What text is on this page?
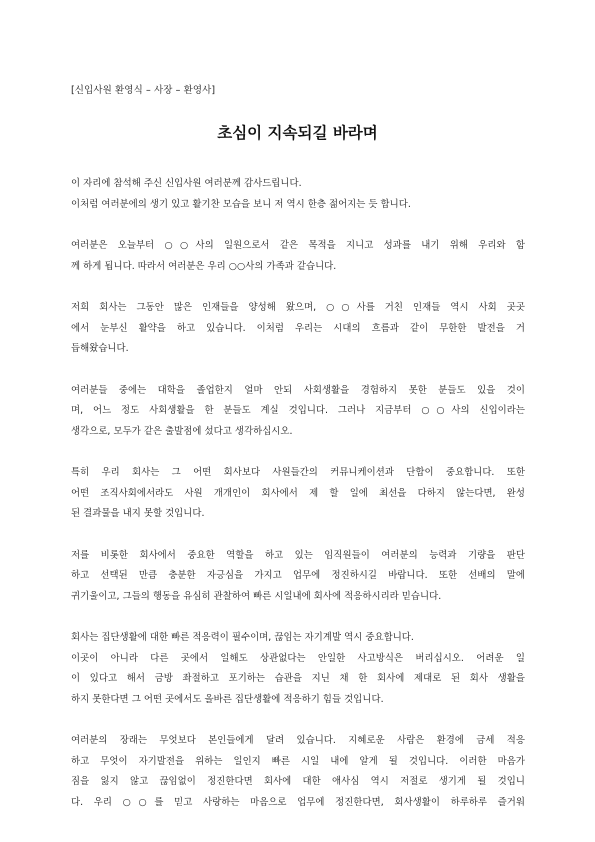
[신입사원 환영식 – 사장 – 환영사]
초심이 지속되길 바라며
이 자리에 참석해 주신 신입사원 여러분께 감사드립니다.
이처럼 여러분에의 생기 있고 활기찬 모습을 보니 저 역시 한층 젊어지는 듯 합니다.
여러분은 오늘부터 ○○사의 일원으로서 같은 목적을 지니고 성과를 내기 위해 우리와 함
께 하게 됩니다. 따라서 여러분은 우리 ○○사의 가족과 같습니다.
저희 회사는 그동안 많은 인재들을 양성해 왔으며, ○○사를 거친 인재들 역시 사회 곳곳
에서 눈부신 활약을 하고 있습니다. 이처럼 우리는 시대의 흐름과 같이 무한한 발전을 거
듭해왔습니다.
여러분들 중에는 대학을 졸업한지 얼마 안되 사회생활을 경험하지 못한 분들도 있을 것이
며, 어느 정도 사회생활을 한 분들도 계실 것입니다. 그러나 지금부터 ○○사의 신입이라는
생각으로, 모두가 같은 출발점에 섰다고 생각하십시오.
특히 우리 회사는 그 어떤 회사보다 사원들간의 커뮤니케이션과 단합이 중요합니다. 또한
어떤 조직사회에서라도 사원 개개인이 회사에서 제 할 일에 최선을 다하지 않는다면, 완성
된 결과물을 내지 못할 것입니다.
저를 비롯한 회사에서 중요한 역할을 하고 있는 임직원들이 여러분의 능력과 기량을 판단
하고 선택된 만큼 충분한 자긍심을 가지고 업무에 정진하시길 바랍니다. 또한 선배의 말에
귀기울이고, 그들의 행동을 유심히 관찰하여 빠른 시일내에 회사에 적응하시리라 믿습니다.
회사는 집단생활에 대한 빠른 적응력이 필수이며, 끊임는 자기계발 역시 중요합니다.
이곳이 아니라 다른 곳에서 일해도 상관없다는 안일한 사고방식은 버리십시오. 어려운 일
이 있다고 해서 금방 좌절하고 포기하는 습관을 지닌 채 한 회사에 제대로 된 회사 생활을
하지 못한다면 그 어떤 곳에서도 올바른 집단생활에 적응하기 힘들 것입니다.
여러분의 장래는 무엇보다 본인들에게 달려 있습니다. 지혜로운 사람은 환경에 금세 적응
하고 무엇이 자기발전을 위하는 일인지 빠른 시일 내에 알게 될 것입니다. 이러한 마음가
짐을 잃지 않고 끊임없이 정진한다면 회사에 대한 애사심 역시 저절로 생기게 될 것입니
다. 우리 ○○를 믿고 사랑하는 마음으로 업무에 정진한다면, 회사생활이 하루하루 즐거워
